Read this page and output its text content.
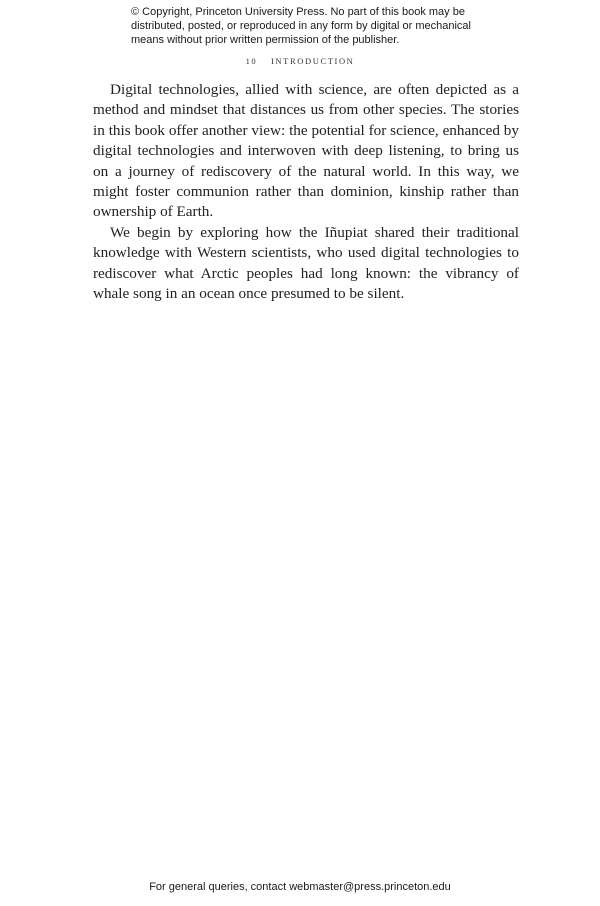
© Copyright, Princeton University Press. No part of this book may be
distributed, posted, or reproduced in any form by digital or mechanical
means without prior written permission of the publisher.
10 INTRODUCTION

Digital technologies, allied with science, are often depicted as a method and mindset that distances us from other species. The stories in this book offer another view: the potential for science, enhanced by digital technologies and interwoven with deep listening, to bring us on a journey of rediscovery of the natural world. In this way, we might foster communion rather than dominion, kinship rather than ownership of Earth.

We begin by exploring how the Iñupiat shared their traditional knowledge with Western scientists, who used digital technologies to rediscover what Arctic peoples had long known: the vibrancy of whale song in an ocean once presumed to be silent.

For general queries, contact webmaster@press.princeton.edu
